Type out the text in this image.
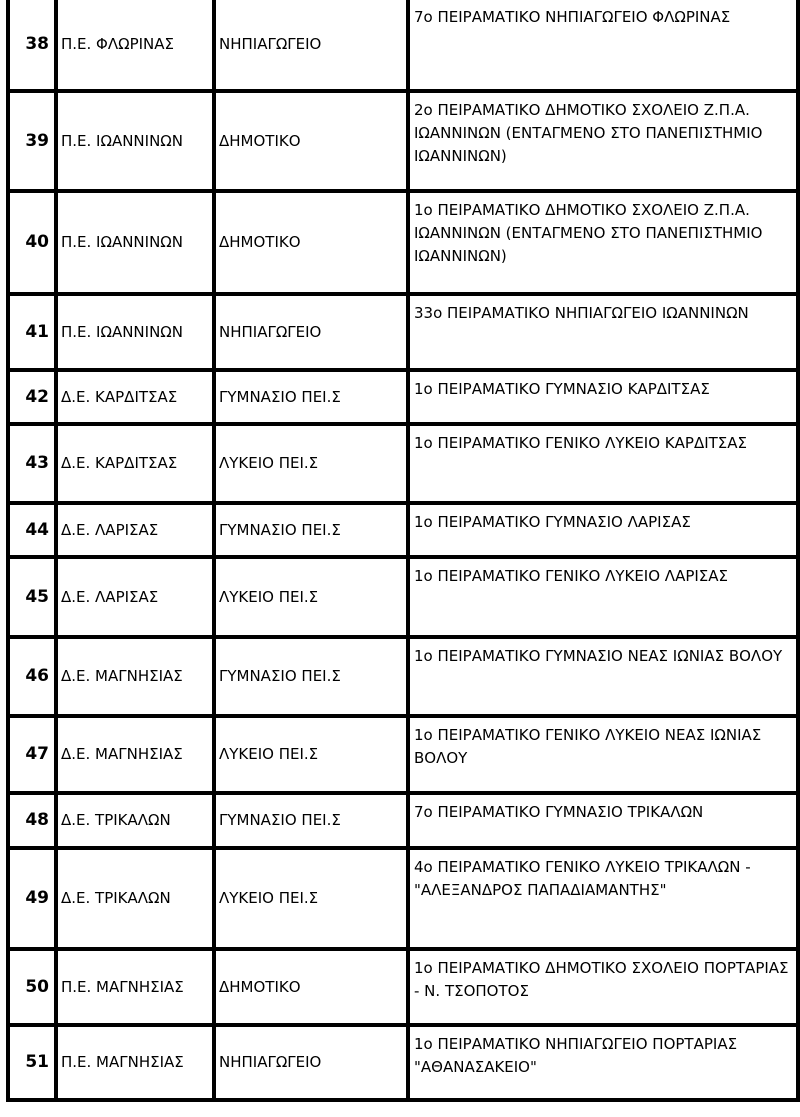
38	Π.Ε. ΦΛΩΡΙΝΑΣ	ΝΗΠΙΑΓΩΓΕΙΟ	7ο ΠΕΙΡΑΜΑΤΙΚΟ ΝΗΠΙΑΓΩΓΕΙΟ ΦΛΩΡΙΝΑΣ
39	Π.Ε. ΙΩΑΝΝΙΝΩΝ	ΔΗΜΟΤΙΚΟ	2ο ΠΕΙΡΑΜΑΤΙΚΟ ΔΗΜΟΤΙΚΟ ΣΧΟΛΕΙΟ Ζ.Π.Α. ΙΩΑΝΝΙΝΩΝ (ΕΝΤΑΓΜΕΝΟ ΣΤΟ ΠΑΝΕΠΙΣΤΗΜΙΟ ΙΩΑΝΝΙΝΩΝ)
40	Π.Ε. ΙΩΑΝΝΙΝΩΝ	ΔΗΜΟΤΙΚΟ	1ο ΠΕΙΡΑΜΑΤΙΚΟ ΔΗΜΟΤΙΚΟ ΣΧΟΛΕΙΟ Ζ.Π.Α. ΙΩΑΝΝΙΝΩΝ (ΕΝΤΑΓΜΕΝΟ ΣΤΟ ΠΑΝΕΠΙΣΤΗΜΙΟ ΙΩΑΝΝΙΝΩΝ)
41	Π.Ε. ΙΩΑΝΝΙΝΩΝ	ΝΗΠΙΑΓΩΓΕΙΟ	33ο ΠΕΙΡΑΜΑΤΙΚΟ ΝΗΠΙΑΓΩΓΕΙΟ ΙΩΑΝΝΙΝΩΝ
42	Δ.Ε. ΚΑΡΔΙΤΣΑΣ	ΓΥΜΝΑΣΙΟ ΠΕΙ.Σ	1ο ΠΕΙΡΑΜΑΤΙΚΟ ΓΥΜΝΑΣΙΟ ΚΑΡΔΙΤΣΑΣ
43	Δ.Ε. ΚΑΡΔΙΤΣΑΣ	ΛΥΚΕΙΟ ΠΕΙ.Σ	1ο ΠΕΙΡΑΜΑΤΙΚΟ ΓΕΝΙΚΟ ΛΥΚΕΙΟ ΚΑΡΔΙΤΣΑΣ
44	Δ.Ε. ΛΑΡΙΣΑΣ	ΓΥΜΝΑΣΙΟ ΠΕΙ.Σ	1ο ΠΕΙΡΑΜΑΤΙΚΟ ΓΥΜΝΑΣΙΟ ΛΑΡΙΣΑΣ
45	Δ.Ε. ΛΑΡΙΣΑΣ	ΛΥΚΕΙΟ ΠΕΙ.Σ	1ο ΠΕΙΡΑΜΑΤΙΚΟ ΓΕΝΙΚΟ ΛΥΚΕΙΟ ΛΑΡΙΣΑΣ
46	Δ.Ε. ΜΑΓΝΗΣΙΑΣ	ΓΥΜΝΑΣΙΟ ΠΕΙ.Σ	1ο ΠΕΙΡΑΜΑΤΙΚΟ ΓΥΜΝΑΣΙΟ ΝΕΑΣ ΙΩΝΙΑΣ ΒΟΛΟΥ
47	Δ.Ε. ΜΑΓΝΗΣΙΑΣ	ΛΥΚΕΙΟ ΠΕΙ.Σ	1ο ΠΕΙΡΑΜΑΤΙΚΟ ΓΕΝΙΚΟ ΛΥΚΕΙΟ ΝΕΑΣ ΙΩΝΙΑΣ ΒΟΛΟΥ
48	Δ.Ε. ΤΡΙΚΑΛΩΝ	ΓΥΜΝΑΣΙΟ ΠΕΙ.Σ	7ο ΠΕΙΡΑΜΑΤΙΚΟ ΓΥΜΝΑΣΙΟ ΤΡΙΚΑΛΩΝ
49	Δ.Ε. ΤΡΙΚΑΛΩΝ	ΛΥΚΕΙΟ ΠΕΙ.Σ	4ο ΠΕΙΡΑΜΑΤΙΚΟ ΓΕΝΙΚΟ ΛΥΚΕΙΟ ΤΡΙΚΑΛΩΝ - "ΑΛΕΞΑΝΔΡΟΣ ΠΑΠΑΔΙΑΜΑΝΤΗΣ"
50	Π.Ε. ΜΑΓΝΗΣΙΑΣ	ΔΗΜΟΤΙΚΟ	1ο ΠΕΙΡΑΜΑΤΙΚΟ ΔΗΜΟΤΙΚΟ ΣΧΟΛΕΙΟ ΠΟΡΤΑΡΙΑΣ - Ν. ΤΣΟΠΟΤΟΣ
51	Π.Ε. ΜΑΓΝΗΣΙΑΣ	ΝΗΠΙΑΓΩΓΕΙΟ	1ο ΠΕΙΡΑΜΑΤΙΚΟ ΝΗΠΙΑΓΩΓΕΙΟ ΠΟΡΤΑΡΙΑΣ "ΑΘΑΝΑΣΑΚΕΙΟ"
